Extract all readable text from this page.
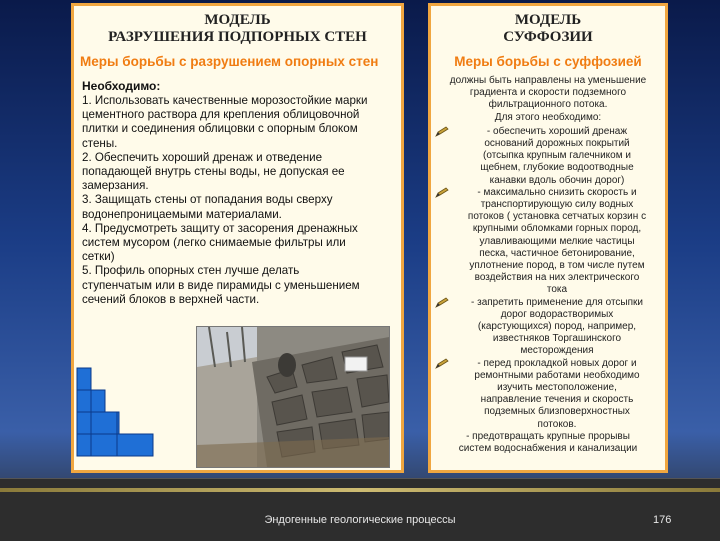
МОДЕЛЬ
РАЗРУШЕНИЯ ПОДПОРНЫХ СТЕН
Меры борьбы с разрушением опорных стен
Необходимо:
1. Использовать качественные морозостойкие марки
цементного раствора для крепления облицовочной
плитки и соединения облицовки с опорным блоком
стены.
2. Обеспечить хороший дренаж и отведение
попадающей внутрь стены воды, не допуская ее
замерзания.
3. Защищать стены от попадания воды сверху
водонепроницаемыми материалами.
4. Предусмотреть защиту от засорения дренажных
систем мусором (легко снимаемые фильтры или
сетки)
5. Профиль опорных стен лучше делать
ступенчатым или в виде пирамиды с уменьшением
сечений блоков в верхней части.
МОДЕЛЬ
СУФФОЗИИ
Меры борьбы с суффозией
должны быть направлены на уменьшение
градиента и скорости подземного
фильтрационного потока.
Для этого необходимо:
- обеспечить хороший дренаж
оснований дорожных покрытий
(отсыпка крупным галечником и
щебнем, глубокие водоотводные
канавки вдоль обочин дорог)
- максимально снизить скорость и
транспортирующую силу водных
потоков ( установка сетчатых корзин с
крупными обломками горных пород,
улавливающими мелкие частицы
песка, частичное бетонирование,
уплотнение пород, в том числе путем
воздействия на них электрического
тока
- запретить применение для отсыпки
дорог водорастворимых
(карстующихся) пород, например,
известняков Торгашинского
месторождения
- перед прокладкой новых дорог и
ремонтными работами необходимо
изучить местоположение,
направление течения и скорость
подземных близповерхностных
потоков.
- предотвращать крупные прорывы
систем водоснабжения и канализации
Эндогенные геологические процессы	176
